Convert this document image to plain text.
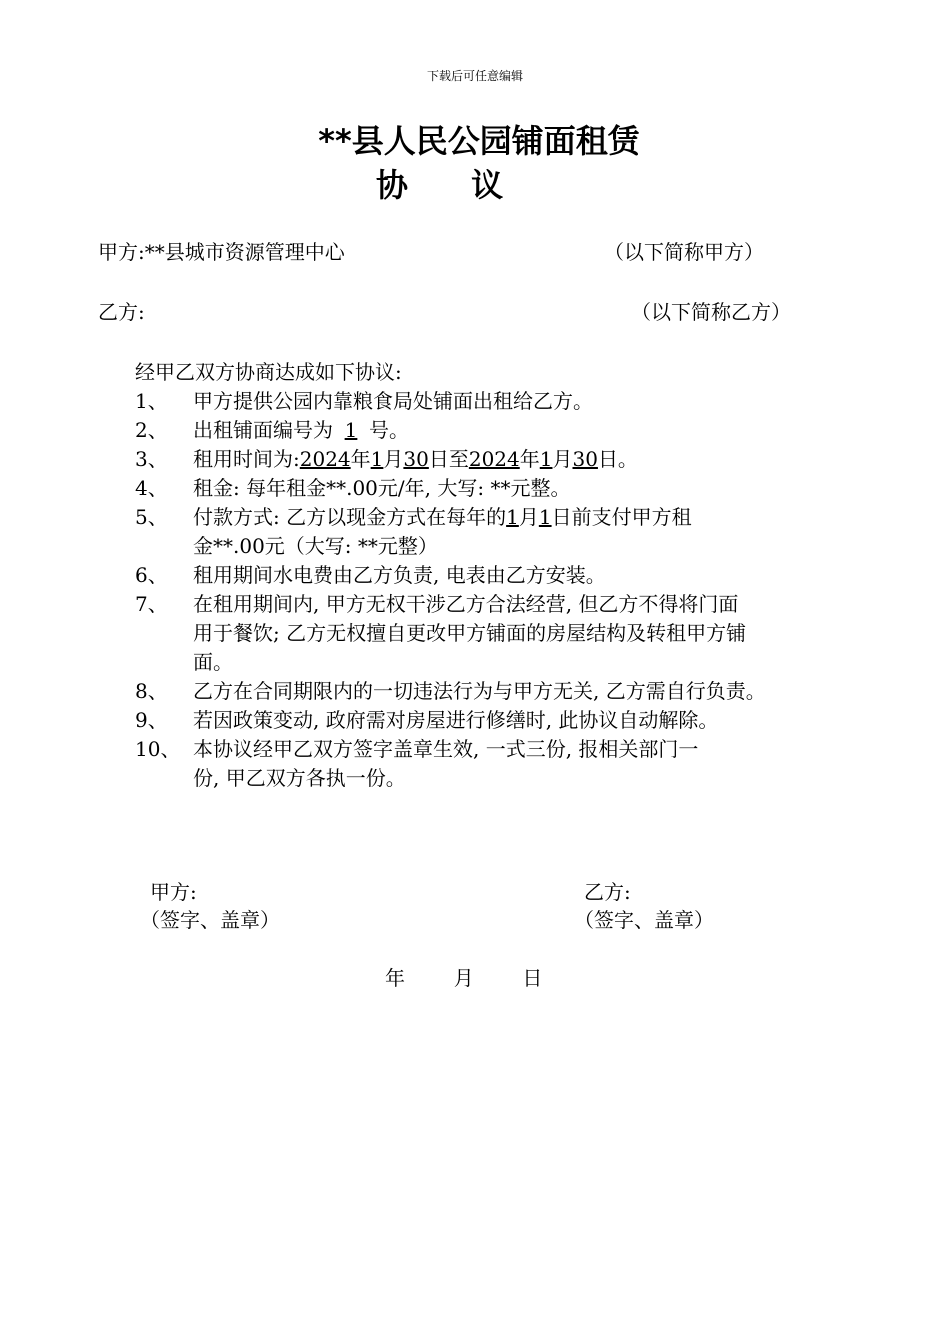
下载后可任意编辑
**县人民公园铺面租赁
协 议
甲方:**县城市资源管理中心	（以下简称甲方）
乙方:	（以下简称乙方）
经甲乙双方协商达成如下协议:
1、 甲方提供公园内靠粮食局处铺面出租给乙方。
2、 出租铺面编号为 1 号。
3、 租用时间为:2024年1月30日至2024年1月30日。
4、 租金: 每年租金**.00元/年, 大写: **元整。
5、 付款方式: 乙方以现金方式在每年的1月1日前支付甲方租
金**.00元（大写: **元整）
6、 租用期间水电费由乙方负责, 电表由乙方安装。
7、 在租用期间内, 甲方无权干涉乙方合法经营, 但乙方不得将门面
用于餐饮; 乙方无权擅自更改甲方铺面的房屋结构及转租甲方铺
面。
8、 乙方在合同期限内的一切违法行为与甲方无关, 乙方需自行负责。
9、 若因政策变动, 政府需对房屋进行修缮时, 此协议自动解除。
10、 本协议经甲乙双方签字盖章生效, 一式三份, 报相关部门一
份, 甲乙双方各执一份。
甲方:
（签字、盖章）
乙方:
（签字、盖章）
年  月  日
